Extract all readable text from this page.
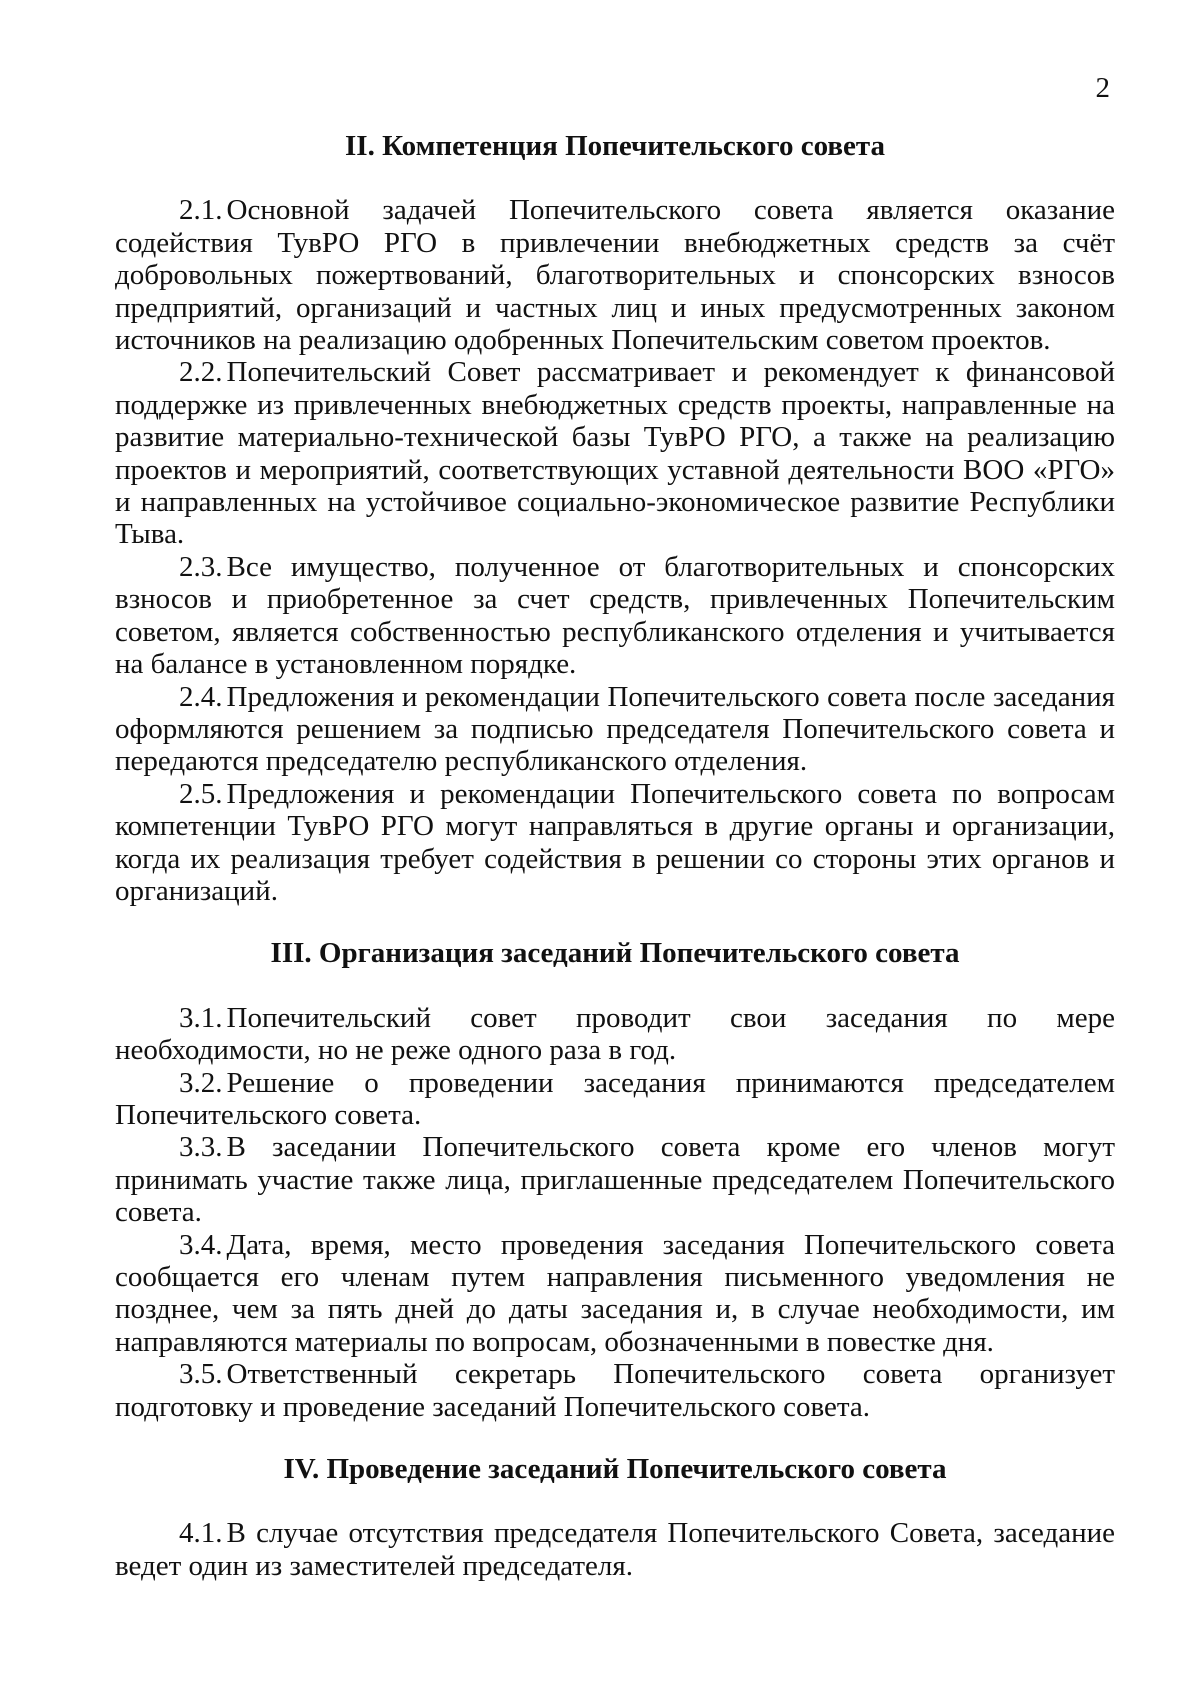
2
II. Компетенция Попечительского совета

2.1. Основной задачей Попечительского совета является оказание содействия ТувРО РГО в привлечении внебюджетных средств за счёт добровольных пожертвований, благотворительных и спонсорских взносов предприятий, организаций и частных лиц и иных предусмотренных законом источников на реализацию одобренных Попечительским советом проектов.

2.2. Попечительский Совет рассматривает и рекомендует к финансовой поддержке из привлеченных внебюджетных средств проекты, направленные на развитие материально-технической базы ТувРО РГО, а также на реализацию проектов и мероприятий, соответствующих уставной деятельности ВОО «РГО» и направленных на устойчивое социально-экономическое развитие Республики Тыва.

2.3. Все имущество, полученное от благотворительных и спонсорских взносов и приобретенное за счет средств, привлеченных Попечительским советом, является собственностью республиканского отделения и учитывается на балансе в установленном порядке.

2.4. Предложения и рекомендации Попечительского совета после заседания оформляются решением за подписью председателя Попечительского совета и передаются председателю республиканского отделения.

2.5. Предложения и рекомендации Попечительского совета по вопросам компетенции ТувРО РГО могут направляться в другие органы и организации, когда их реализация требует содействия в решении со стороны этих органов и организаций.

III. Организация заседаний Попечительского совета

3.1. Попечительский совет проводит свои заседания по мере необходимости, но не реже одного раза в год.

3.2. Решение о проведении заседания принимаются председателем Попечительского совета.

3.3. В заседании Попечительского совета кроме его членов могут принимать участие также лица, приглашенные председателем Попечительского совета.

3.4. Дата, время, место проведения заседания Попечительского совета сообщается его членам путем направления письменного уведомления не позднее, чем за пять дней до даты заседания и, в случае необходимости, им направляются материалы по вопросам, обозначенными в повестке дня.

3.5. Ответственный секретарь Попечительского совета организует подготовку и проведение заседаний Попечительского совета.

IV. Проведение заседаний Попечительского совета

4.1. В случае отсутствия председателя Попечительского Совета, заседание ведет один из заместителей председателя.
